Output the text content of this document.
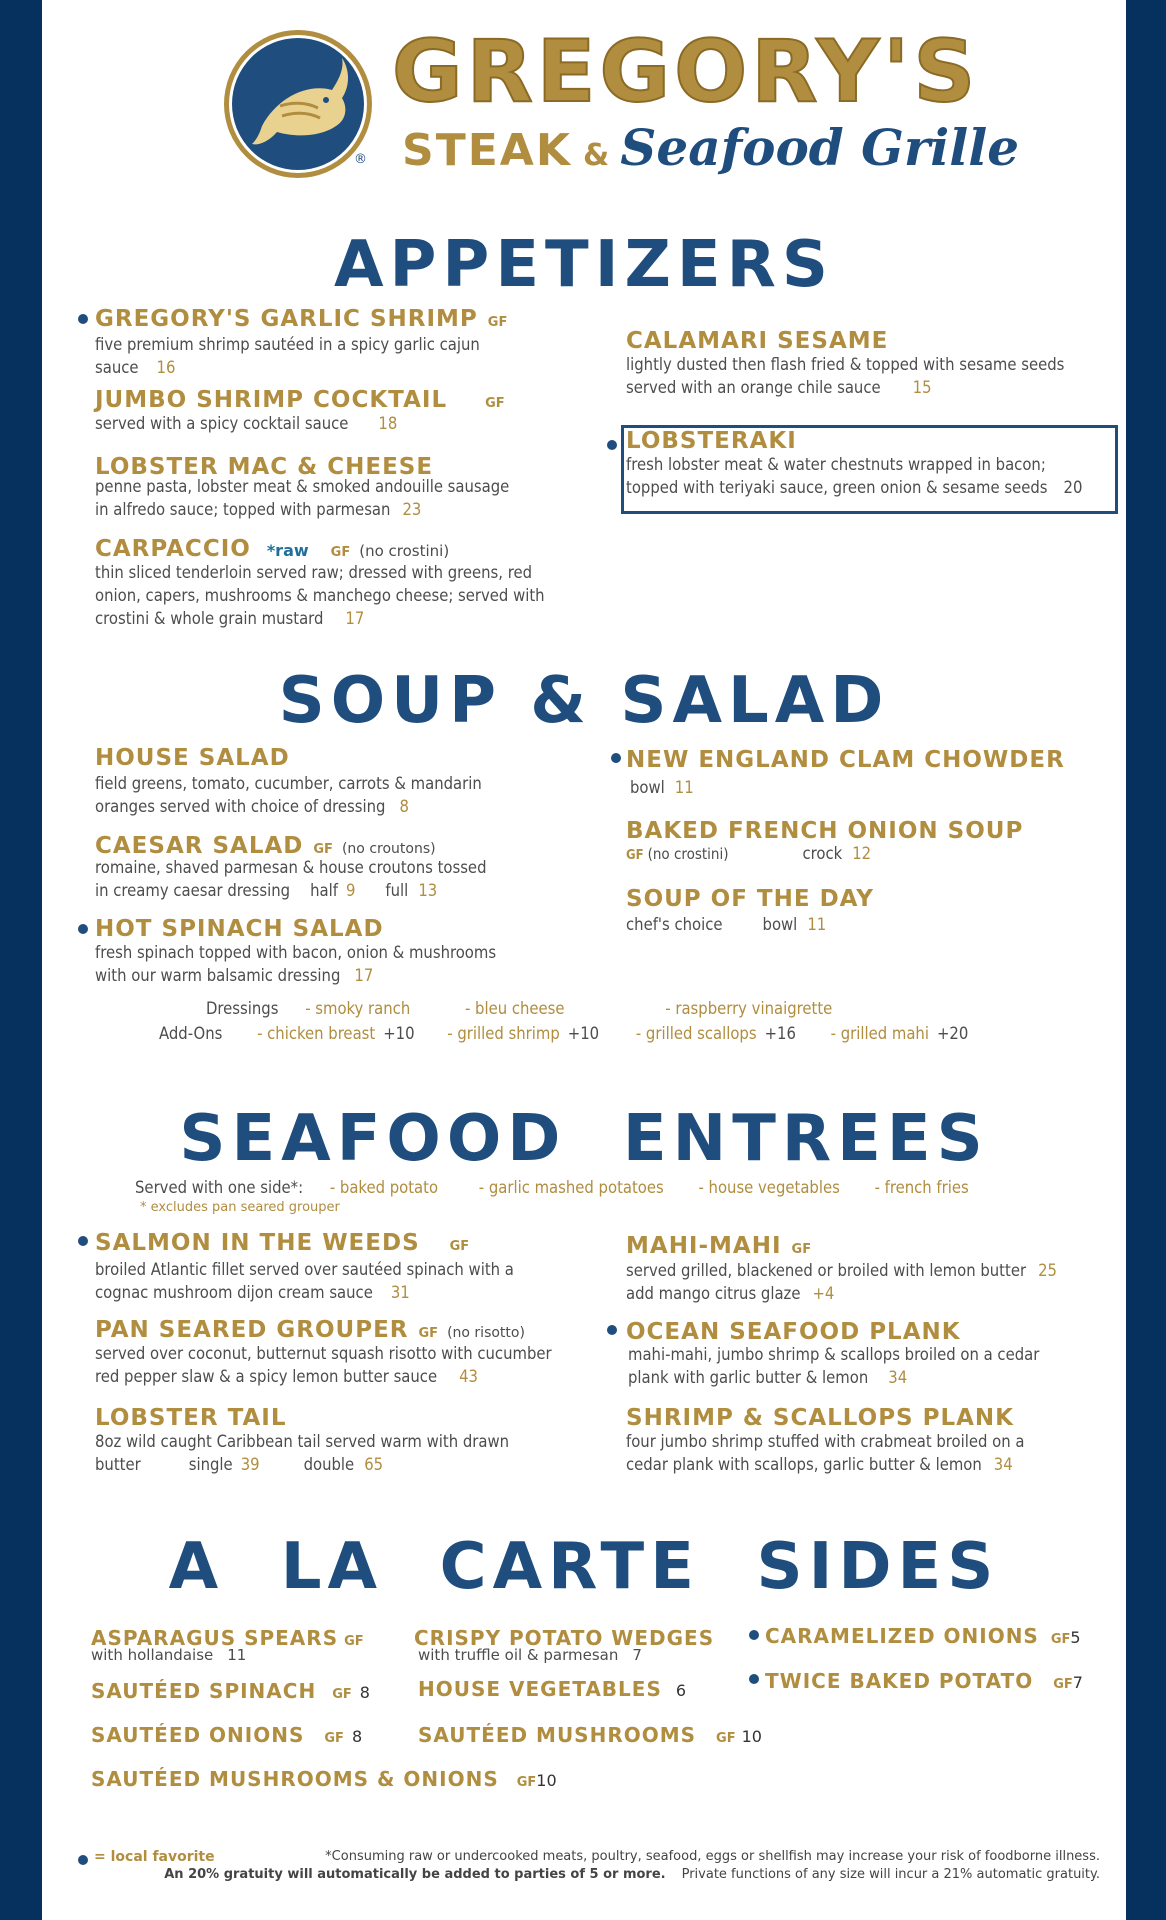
®
GREGORY'S
STEAK & Seafood Grille
APPETIZERS
GREGORY'S GARLIC SHRIMP GF
five premium shrimp sautéed in a spicy garlic cajun
sauce 16
JUMBO SHRIMP COCKTAIL	GF
served with a spicy cocktail sauce 18
LOBSTER MAC & CHEESE
penne pasta, lobster meat & smoked andouille sausage
in alfredo sauce; topped with parmesan 23
CARPACCIO *raw GF (no crostini)
thin sliced tenderloin served raw; dressed with greens, red
onion, capers, mushrooms & manchego cheese; served with
crostini & whole grain mustard 17
CALAMARI SESAME
lightly dusted then flash fried & topped with sesame seeds
served with an orange chile sauce 15
LOBSTERAKI
fresh lobster meat & water chestnuts wrapped in bacon;
topped with teriyaki sauce, green onion & sesame seeds 20
SOUP & SALAD
HOUSE SALAD
field greens, tomato, cucumber, carrots & mandarin
oranges served with choice of dressing 8
CAESAR SALAD GF (no croutons)
romaine, shaved parmesan & house croutons tossed
in creamy caesar dressing half 9 full 13
HOT SPINACH SALAD
fresh spinach topped with bacon, onion & mushrooms
with our warm balsamic dressing 17
NEW ENGLAND CLAM CHOWDER
bowl 11
BAKED FRENCH ONION SOUP
GF (no crostini)	crock 12
SOUP OF THE DAY
chef's choice bowl 11
Dressings - smoky ranch	- bleu cheese	- raspberry vinaigrette
Add-Ons - chicken breast +10 - grilled shrimp +10 - grilled scallops +16 - grilled mahi +20
SEAFOOD  ENTREES
Served with one side*: - baked potato - garlic mashed potatoes - house vegetables - french fries
* excludes pan seared grouper
SALMON IN THE WEEDS GF
broiled Atlantic fillet served over sautéed spinach with a
cognac mushroom dijon cream sauce 31
PAN SEARED GROUPER GF (no risotto)
served over coconut, butternut squash risotto with cucumber
red pepper slaw & a spicy lemon butter sauce 43
LOBSTER TAIL
8oz wild caught Caribbean tail served warm with drawn
butter	single 39	double 65
MAHI-MAHI GF
served grilled, blackened or broiled with lemon butter 25
add mango citrus glaze +4
OCEAN SEAFOOD PLANK
mahi-mahi, jumbo shrimp & scallops broiled on a cedar
plank with garlic butter & lemon 34
SHRIMP & SCALLOPS PLANK
four jumbo shrimp stuffed with crabmeat broiled on a
cedar plank with scallops, garlic butter & lemon 34
A  LA  CARTE  SIDES
ASPARAGUS SPEARS GF
with hollandaise 11
CRISPY POTATO WEDGES
with truffle oil & parmesan 7
CARAMELIZED ONIONS GF5
TWICE BAKED POTATO GF7
SAUTÉED SPINACH GF 8 HOUSE VEGETABLES 6
SAUTÉED ONIONS GF 8	SAUTÉED MUSHROOMS GF 10
SAUTÉED MUSHROOMS & ONIONS GF10
= local favorite	*Consuming raw or undercooked meats, poultry, seafood, eggs or shellfish may increase your risk of foodborne illness.
An 20% gratuity will automatically be added to parties of 5 or more. Private functions of any size will incur a 21% automatic gratuity.
